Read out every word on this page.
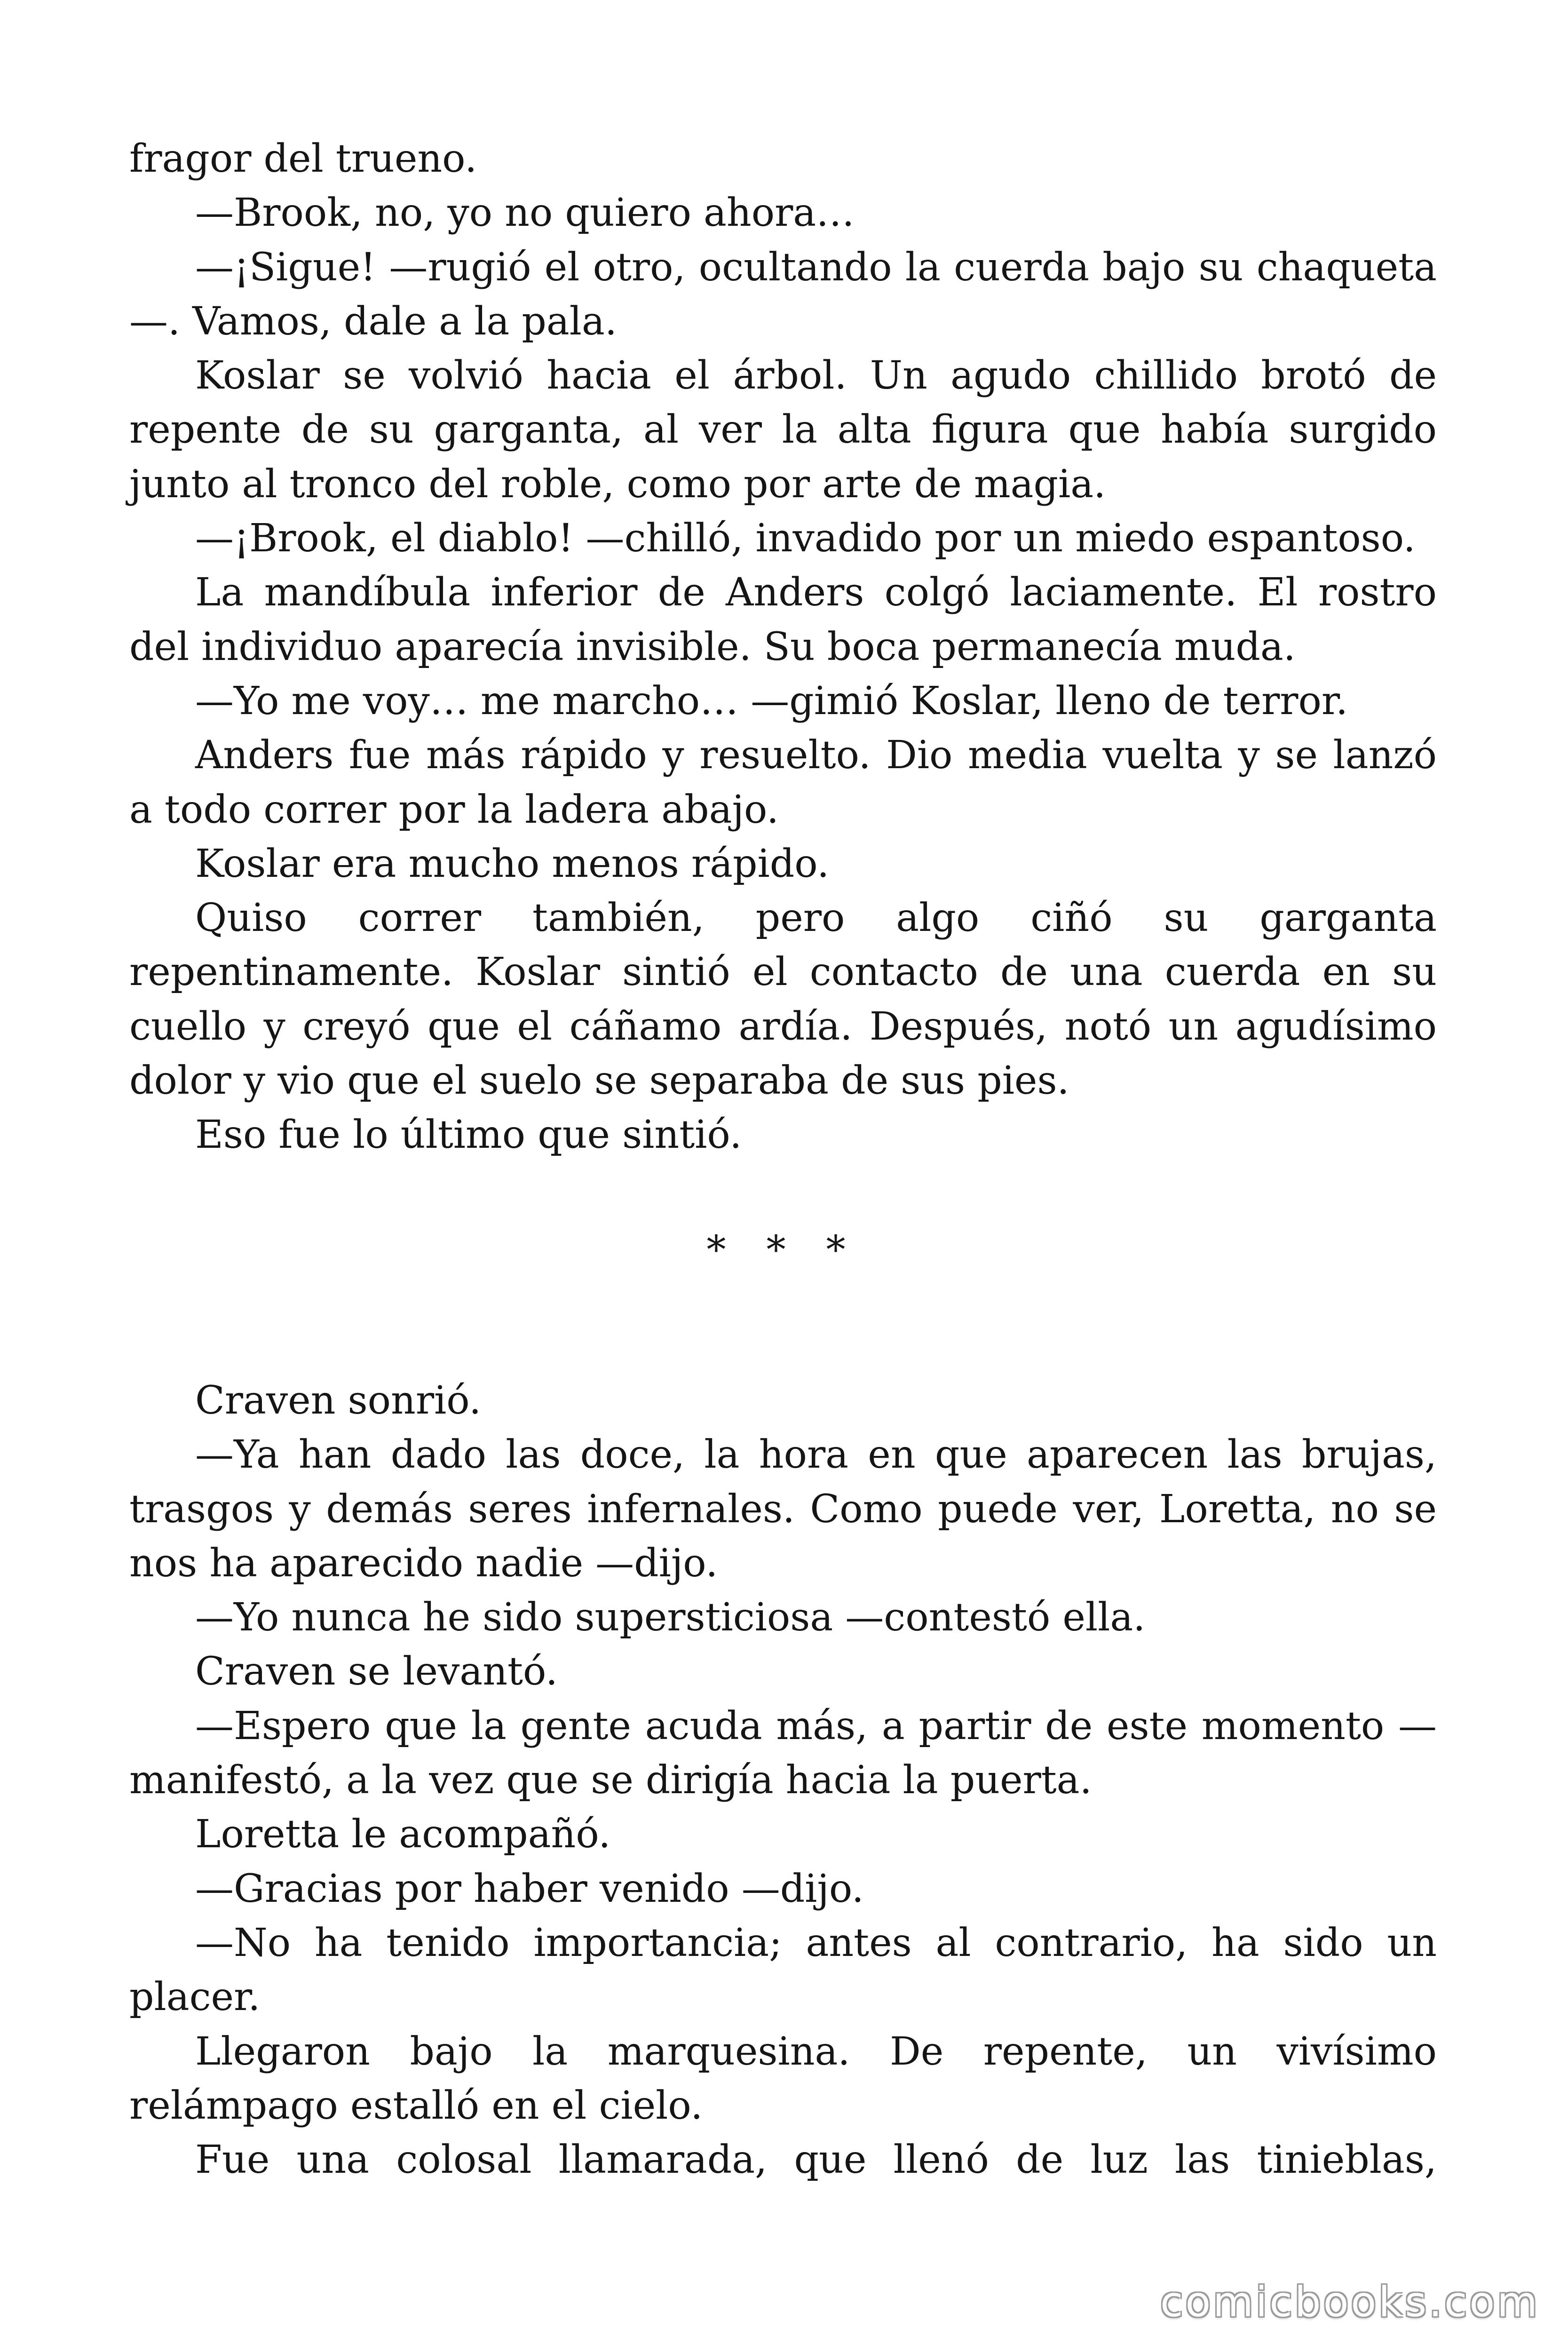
fragor del trueno.

—Brook, no, yo no quiero ahora…

—¡Sigue! —rugió el otro, ocultando la cuerda bajo su chaqueta —. Vamos, dale a la pala.

Koslar se volvió hacia el árbol. Un agudo chillido brotó de repente de su garganta, al ver la alta figura que había surgido junto al tronco del roble, como por arte de magia.

—¡Brook, el diablo! —chilló, invadido por un miedo espantoso.

La mandíbula inferior de Anders colgó laciamente. El rostro del individuo aparecía invisible. Su boca permanecía muda.

—Yo me voy… me marcho… —gimió Koslar, lleno de terror.

Anders fue más rápido y resuelto. Dio media vuelta y se lanzó a todo correr por la ladera abajo.

Koslar era mucho menos rápido.

Quiso correr también, pero algo ciñó su garganta repentinamente. Koslar sintió el contacto de una cuerda en su cuello y creyó que el cáñamo ardía. Después, notó un agudísimo dolor y vio que el suelo se separaba de sus pies.

Eso fue lo último que sintió.

* * *

Craven sonrió.

—Ya han dado las doce, la hora en que aparecen las brujas, trasgos y demás seres infernales. Como puede ver, Loretta, no se nos ha aparecido nadie —dijo.

—Yo nunca he sido supersticiosa —contestó ella.

Craven se levantó.

—Espero que la gente acuda más, a partir de este momento — manifestó, a la vez que se dirigía hacia la puerta.

Loretta le acompañó.

—Gracias por haber venido —dijo.

—No ha tenido importancia; antes al contrario, ha sido un placer.

Llegaron bajo la marquesina. De repente, un vivísimo relámpago estalló en el cielo.

Fue una colosal llamarada, que llenó de luz las tinieblas,

comicbooks.com
